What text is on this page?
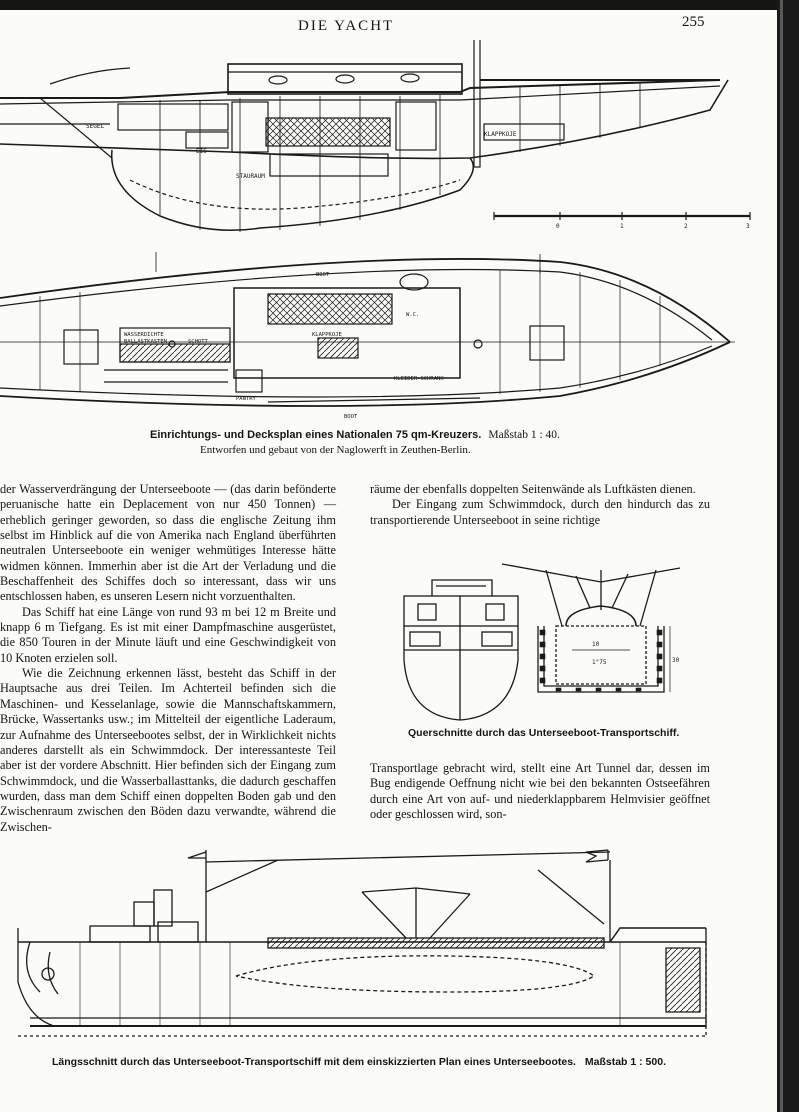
DIE YACHT	255
SEGEL
EIS
STAURAUM
KLAPPKOJE
0	1	2	3
BOOT
W.C.
WASSERDICHTE
BALLASTKASTEN	SCHOTT
KLAPPKOJE
PANTRY
KLEIDER-SCHRANK
BOOT
Einrichtungs- und Decksplan eines Nationalen 75 qm-Kreuzers. Maßstab 1 : 40.
Entworfen und gebaut von der Naglowerft in Zeuthen-Berlin.

der Wasserverdrängung der Unterseeboote — (das darin befönderte peruanische hatte ein Deplacement von nur 450 Tonnen) — erheblich geringer geworden, so dass die englische Zeitung ihm selbst im Hinblick auf die von Amerika nach England überführten neutralen Unterseeboote ein weniger wehmütiges Interesse hätte widmen können. Immerhin aber ist die Art der Verladung und die Beschaffenheit des Schiffes doch so interessant, dass wir uns entschlossen haben, es unseren Lesern nicht vorzuenthalten.

Das Schiff hat eine Länge von rund 93 m bei 12 m Breite und knapp 6 m Tiefgang. Es ist mit einer Dampfmaschine ausgerüstet, die 850 Touren in der Minute läuft und eine Geschwindigkeit von 10 Knoten erzielen soll.

Wie die Zeichnung erkennen lässt, besteht das Schiff in der Hauptsache aus drei Teilen. Im Achterteil befinden sich die Maschinen- und Kesselanlage, sowie die Mannschaftskammern, Brücke, Wassertanks usw.; im Mittelteil der eigentliche Laderaum, zur Aufnahme des Unterseebootes selbst, der in Wirklichkeit nichts anderes darstellt als ein Schwimmdock. Der interessanteste Teil aber ist der vordere Abschnitt. Hier befinden sich der Eingang zum Schwimmdock, und die Wasserballasttanks, die dadurch geschaffen wurden, dass man dem Schiff einen doppelten Boden gab und den Zwischenraum zwischen den Böden dazu verwandte, während die Zwischen-

räume der ebenfalls doppelten Seitenwände als Luftkästen dienen.

Der Eingang zum Schwimmdock, durch den hindurch das zu transportierende Unterseeboot in seine richtige

10
1"75	30
Querschnitte durch das Unterseeboot-Transportschiff.

Transportlage gebracht wird, stellt eine Art Tunnel dar, dessen im Bug endigende Oeffnung nicht wie bei den bekannten Ostseefähren durch eine Art von auf- und niederklappbarem Helmvisier geöffnet oder geschlossen wird, son-

Längsschnitt durch das Unterseeboot-Transportschiff mit dem einskizzierten Plan eines Unterseebootes. Maßstab 1 : 500.
